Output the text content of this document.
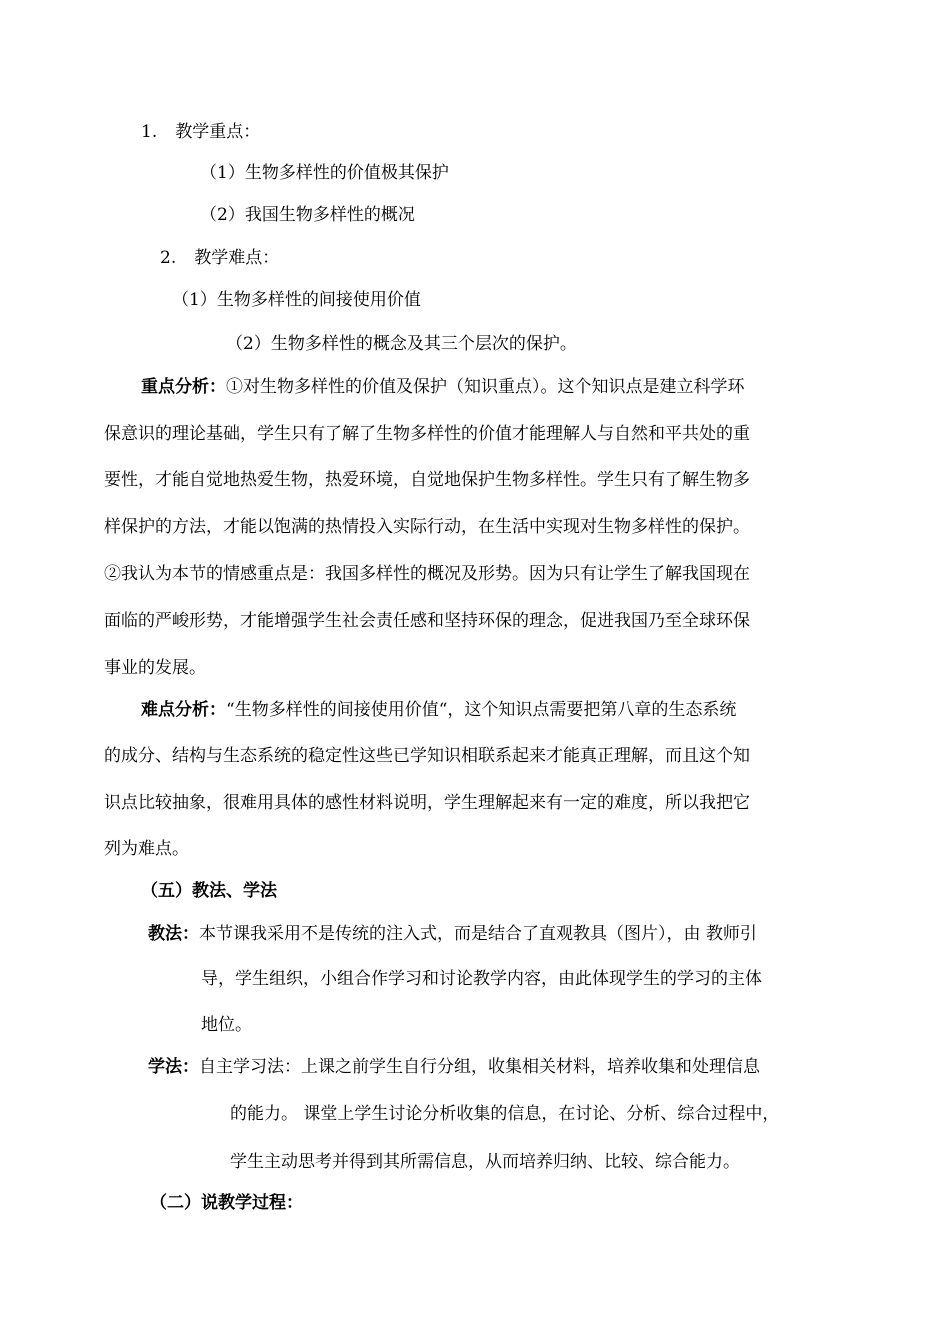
1. 教学重点：
（1）生物多样性的价值极其保护
（2）我国生物多样性的概况
2. 教学难点：
（1）生物多样性的间接使用价值
（2）生物多样性的概念及其三个层次的保护。
重点分析：①对生物多样性的价值及保护（知识重点）。这个知识点是建立科学环
保意识的理论基础，学生只有了解了生物多样性的价值才能理解人与自然和平共处的重
要性，才能自觉地热爱生物，热爱环境，自觉地保护生物多样性。学生只有了解生物多
样保护的方法，才能以饱满的热情投入实际行动，在生活中实现对生物多样性的保护。
②我认为本节的情感重点是：我国多样性的概况及形势。因为只有让学生了解我国现在
面临的严峻形势，才能增强学生社会责任感和坚持环保的理念，促进我国乃至全球环保
事业的发展。
难点分析：“生物多样性的间接使用价值“，这个知识点需要把第八章的生态系统
的成分、结构与生态系统的稳定性这些已学知识相联系起来才能真正理解，而且这个知
识点比较抽象，很难用具体的感性材料说明，学生理解起来有一定的难度，所以我把它
列为难点。
（五）教法、学法
教法：本节课我采用不是传统的注入式，而是结合了直观教具（图片），由 教师引
导，学生组织，小组合作学习和讨论教学内容，由此体现学生的学习的主体
地位。
学法：自主学习法：上课之前学生自行分组，收集相关材料，培养收集和处理信息
的能力。 课堂上学生讨论分析收集的信息，在讨论、分析、综合过程中，
学生主动思考并得到其所需信息，从而培养归纳、比较、综合能力。
（二）说教学过程：
